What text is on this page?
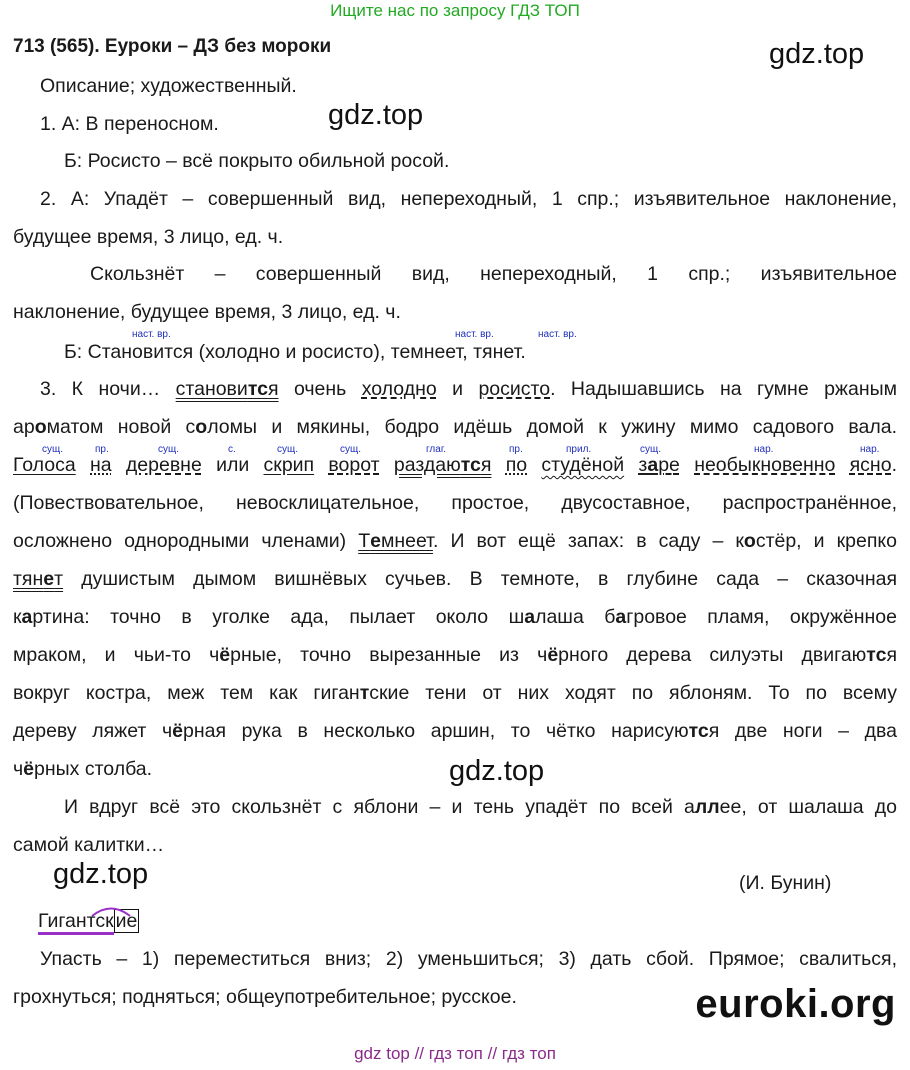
Ищите нас по запросу ГДЗ ТОП
713 (565). Еуроки – ДЗ без мороки	gdz.top
gdz.top
gdz.top
gdz.top
Описание; художественный.
1. А: В переносном.
Б: Росисто – всё покрыто обильной росой.
2. А: Упадёт – совершенный вид, непереходный, 1 спр.; изъявительное наклонение,
будущее время, 3 лицо, ед. ч.
Скользнёт – совершенный вид, непереходный, 1 спр.; изъявительное
наклонение, будущее время, 3 лицо, ед. ч.
наст. вр.	наст. вр.	наст. вр.
Б: Становится (холодно и росисто), темнеет, тянет.
3. К ночи… становится очень холодно и росисто. Надышавшись на гумне ржаным
ароматом новой соломы и мякины, бодро идёшь домой к ужину мимо садового вала.
сущ.	пр.	сущ.	с.	сущ.	сущ.	глаг.	пр.	прил.	сущ.	нар.	нар.
Голоса на деревне или скрип ворот раздаются по студёной заре необыкновенно ясно.
(Повествовательное, невосклицательное, простое, двусоставное, распространённое,
осложнено однородными членами) Темнеет. И вот ещё запах: в саду – костёр, и крепко
тянет душистым дымом вишнёвых сучьев. В темноте, в глубине сада – сказочная
картина: точно в уголке ада, пылает около шалаша багровое пламя, окружённое
мраком, и чьи-то чёрные, точно вырезанные из чёрного дерева силуэты двигаются
вокруг костра, меж тем как гигантские тени от них ходят по яблоням. То по всему
дереву ляжет чёрная рука в несколько аршин, то чётко нарисуются две ноги – два
чёрных столба.
И вдруг всё это скользнёт с яблони – и тень упадёт по всей аллее, от шалаша до
самой калитки…
(И. Бунин)
Гигантск ие
Упасть – 1) переместиться вниз; 2) уменьшиться; 3) дать сбой. Прямое; свалиться,
грохнуться; подняться; общеупотребительное; русское.	euroki.org
gdz top // гдз топ // гдз топ
